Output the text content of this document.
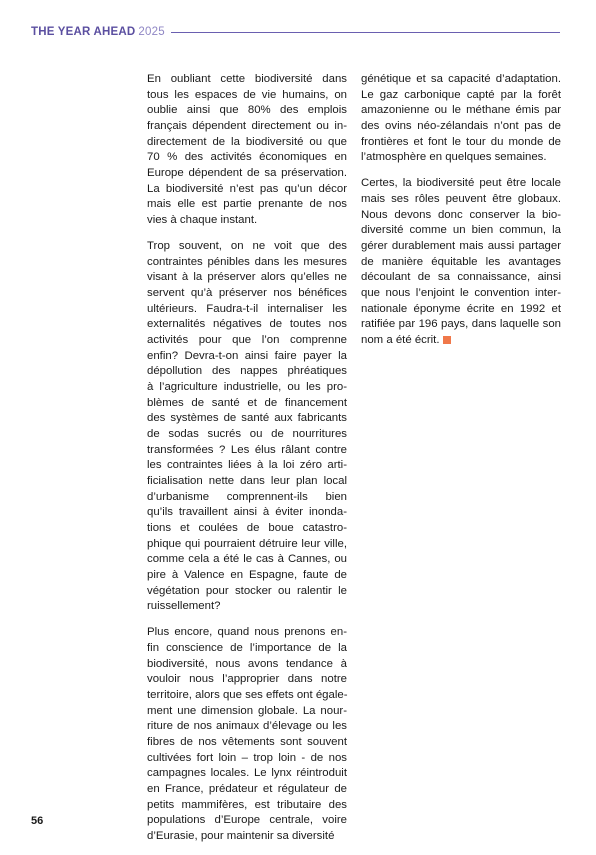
THE YEAR AHEAD 2025

En oubliant cette biodiversité dans
tous les espaces de vie humains, on
oublie ainsi que 80% des emplois
français dépendent directement ou in-
directement de la biodiversité ou que
70 % des activités économiques en
Europe dépendent de sa préservation.
La biodiversité n’est pas qu’un décor
mais elle est partie prenante de nos
vies à chaque instant.

Trop souvent, on ne voit que des
contraintes pénibles dans les mesures
visant à la préserver alors qu’elles ne
servent qu’à préserver nos bénéfices
ultérieurs. Faudra-t-il internaliser les
externalités négatives de toutes nos
activités pour que l’on comprenne
enfin? Devra-t-on ainsi faire payer la
dépollution des nappes phréatiques
à l’agriculture industrielle, ou les pro-
blèmes de santé et de financement
des systèmes de santé aux fabricants
de sodas sucrés ou de nourritures
transformées ? Les élus râlant contre
les contraintes liées à la loi zéro arti-
ficialisation nette dans leur plan local
d’urbanisme comprennent-ils bien
qu’ils travaillent ainsi à éviter inonda-
tions et coulées de boue catastro-
phique qui pourraient détruire leur ville,
comme cela a été le cas à Cannes, ou
pire à Valence en Espagne, faute de
végétation pour stocker ou ralentir le
ruissellement?

Plus encore, quand nous prenons en-
fin conscience de l’importance de la
biodiversité, nous avons tendance à
vouloir nous l’approprier dans notre
territoire, alors que ses effets ont égale-
ment une dimension globale. La nour-
riture de nos animaux d’élevage ou les
fibres de nos vêtements sont souvent
cultivées fort loin – trop loin - de nos
campagnes locales. Le lynx réintroduit
en France, prédateur et régulateur de
petits mammifères, est tributaire des
populations d’Europe centrale, voire
d’Eurasie, pour maintenir sa diversité

génétique et sa capacité d’adaptation.
Le gaz carbonique capté par la forêt
amazonienne ou le méthane émis par
des ovins néo-zélandais n’ont pas de
frontières et font le tour du monde de
l’atmosphère en quelques semaines.

Certes, la biodiversité peut être locale
mais ses rôles peuvent être globaux.
Nous devons donc conserver la bio-
diversité comme un bien commun, la
gérer durablement mais aussi partager
de manière équitable les avantages
découlant de sa connaissance, ainsi
que nous l’enjoint le convention inter-
nationale éponyme écrite en 1992 et
ratifiée par 196 pays, dans laquelle son
nom a été écrit.

56
